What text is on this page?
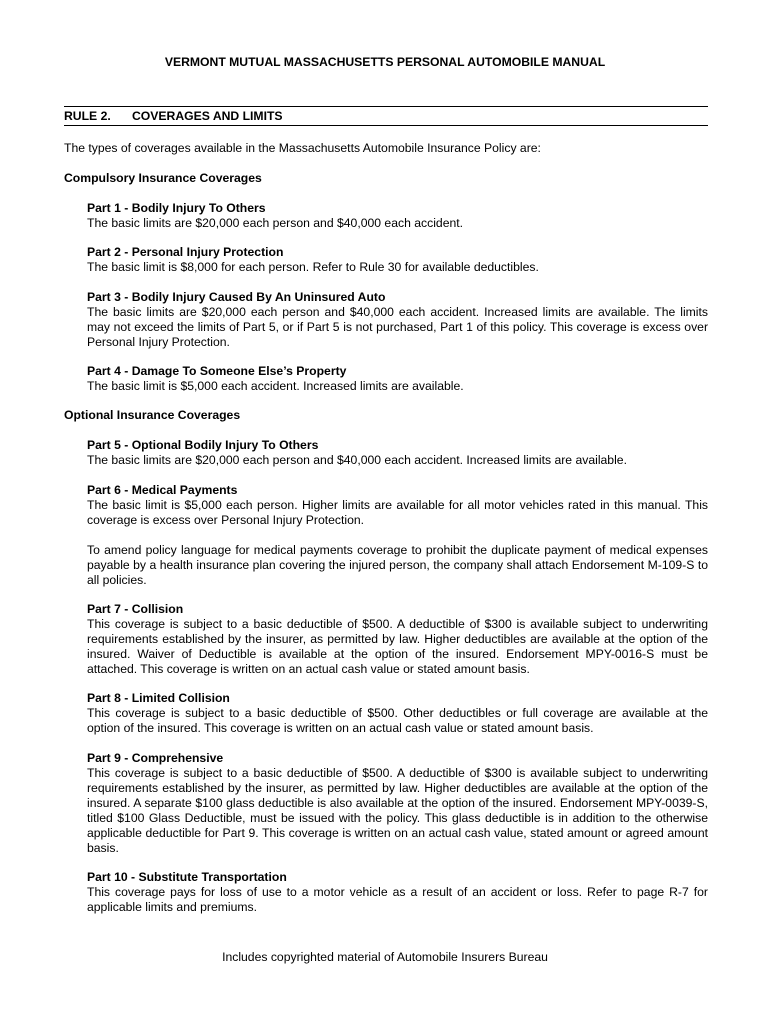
VERMONT MUTUAL MASSACHUSETTS PERSONAL AUTOMOBILE MANUAL
RULE 2. COVERAGES AND LIMITS
The types of coverages available in the Massachusetts Automobile Insurance Policy are:
Compulsory Insurance Coverages
Part 1 - Bodily Injury To Others
The basic limits are $20,000 each person and $40,000 each accident.
Part 2 - Personal Injury Protection
The basic limit is $8,000 for each person. Refer to Rule 30 for available deductibles.
Part 3 - Bodily Injury Caused By An Uninsured Auto
The basic limits are $20,000 each person and $40,000 each accident. Increased limits are available. The limits may not exceed the limits of Part 5, or if Part 5 is not purchased, Part 1 of this policy. This coverage is excess over Personal Injury Protection.
Part 4 - Damage To Someone Else’s Property
The basic limit is $5,000 each accident. Increased limits are available.
Optional Insurance Coverages
Part 5 - Optional Bodily Injury To Others
The basic limits are $20,000 each person and $40,000 each accident. Increased limits are available.
Part 6 - Medical Payments
The basic limit is $5,000 each person. Higher limits are available for all motor vehicles rated in this manual. This coverage is excess over Personal Injury Protection.
To amend policy language for medical payments coverage to prohibit the duplicate payment of medical expenses payable by a health insurance plan covering the injured person, the company shall attach Endorsement M-109-S to all policies.
Part 7 - Collision
This coverage is subject to a basic deductible of $500. A deductible of $300 is available subject to underwriting requirements established by the insurer, as permitted by law. Higher deductibles are available at the option of the insured. Waiver of Deductible is available at the option of the insured. Endorsement MPY-0016-S must be attached. This coverage is written on an actual cash value or stated amount basis.
Part 8 - Limited Collision
This coverage is subject to a basic deductible of $500. Other deductibles or full coverage are available at the option of the insured. This coverage is written on an actual cash value or stated amount basis.
Part 9 - Comprehensive
This coverage is subject to a basic deductible of $500. A deductible of $300 is available subject to underwriting requirements established by the insurer, as permitted by law. Higher deductibles are available at the option of the insured. A separate $100 glass deductible is also available at the option of the insured. Endorsement MPY-0039-S, titled $100 Glass Deductible, must be issued with the policy. This glass deductible is in addition to the otherwise applicable deductible for Part 9. This coverage is written on an actual cash value, stated amount or agreed amount basis.
Part 10 - Substitute Transportation
This coverage pays for loss of use to a motor vehicle as a result of an accident or loss. Refer to page R-7 for applicable limits and premiums.
Includes copyrighted material of Automobile Insurers Bureau
